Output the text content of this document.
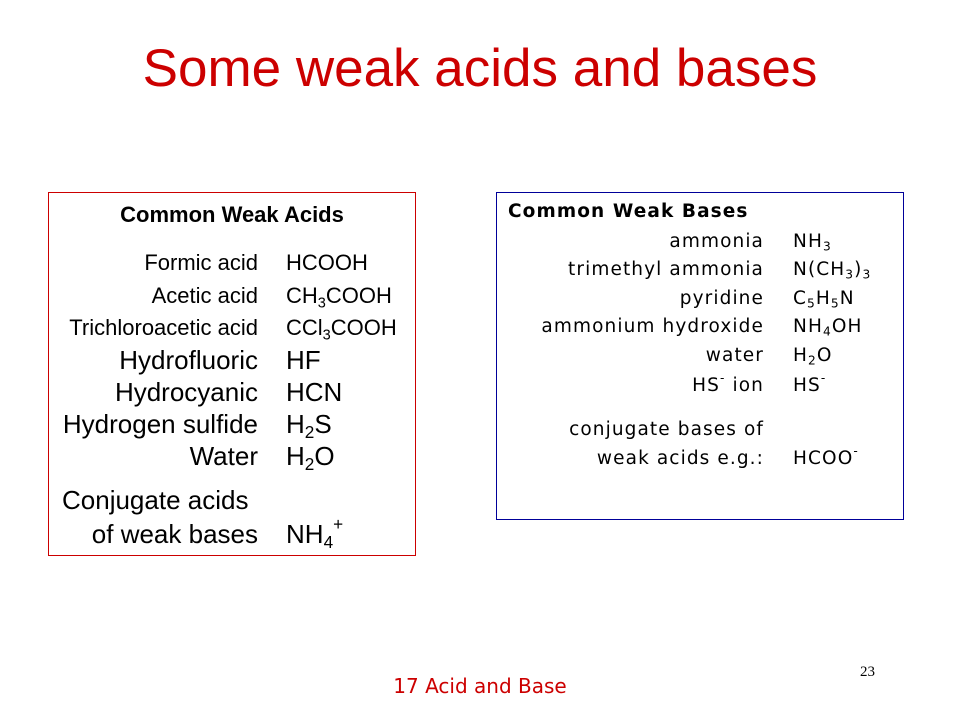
Some weak acids and bases
Common Weak Acids
Formic acid HCOOH
Acetic acid $CH_3COOH$
Trichloroacetic acid CCl$_3$COOH
Hydrofluoric HF
Hydrocyanic HCN
Hydrogen sulfide $H_2S$
Water $H_2O$
Conjugate acids
of weak bases $NH_4^+$
Common Weak Bases
ammonia $NH_3$
trimethyl ammonia $N(CH_3)_3$
pyridine $C_5H_5N$
ammonium hydroxide $NH_4OH$
water $H_2O$
HS- ion HS-
conjugate bases of
weak acids e.g.: HCOO-
17 Acid and Base
23
